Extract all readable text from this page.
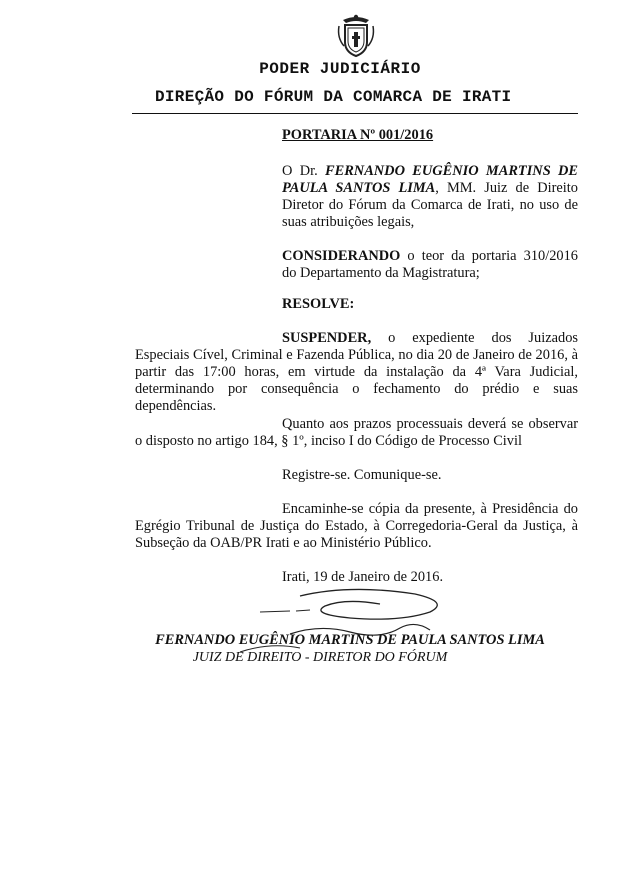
PODER JUDICIÁRIO
DIREÇÃO DO FÓRUM DA COMARCA DE IRATI
PORTARIA Nº 001/2016
O Dr. FERNANDO EUGÊNIO MARTINS DE PAULA SANTOS LIMA, MM. Juiz de Direito Diretor do Fórum da Comarca de Irati, no uso de suas atribuições legais,
CONSIDERANDO o teor da portaria 310/2016 do Departamento da Magistratura;
RESOLVE:
SUSPENDER, o expediente dos Juizados
Especiais Cível, Criminal e Fazenda Pública, no dia 20 de Janeiro de 2016, à partir das 17:00 horas, em virtude da instalação da 4ª Vara Judicial, determinando por consequência o fechamento do prédio e suas dependências.
Quanto aos prazos processuais deverá se observar
o disposto no artigo 184, § 1º, inciso I do Código de Processo Civil
Registre-se. Comunique-se.
Encaminhe-se cópia da presente, à Presidência do
Egrégio Tribunal de Justiça do Estado, à Corregedoria-Geral da Justiça, à Subseção da OAB/PR Irati e ao Ministério Público.
Irati, 19 de Janeiro de 2016.
FERNANDO EUGÊNIO MARTINS DE PAULA SANTOS LIMA
JUIZ DE DIREITO - DIRETOR DO FÓRUM
